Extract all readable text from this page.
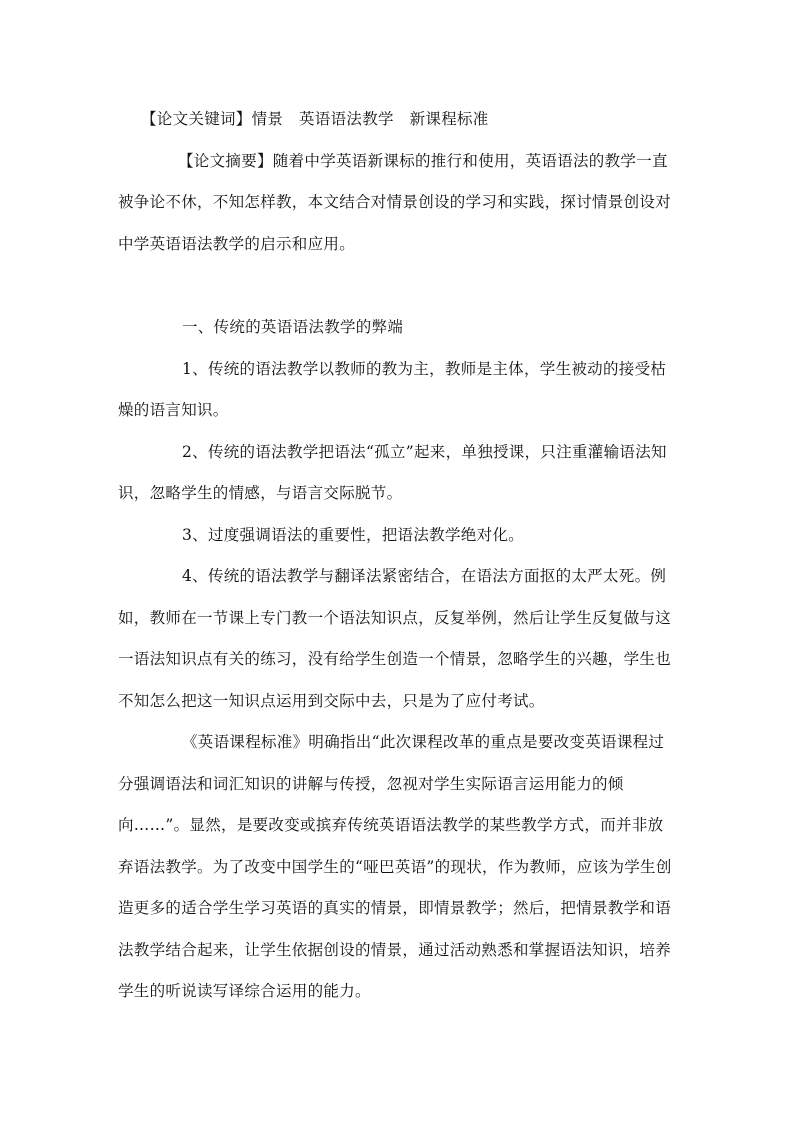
【论文关键词】情景　英语语法教学　新课程标准

【论文摘要】随着中学英语新课标的推行和使用，英语语法的教学一直

被争论不休，不知怎样教，本文结合对情景创设的学习和实践，探讨情景创设对

中学英语语法教学的启示和应用。

一、传统的英语语法教学的弊端

1、传统的语法教学以教师的教为主，教师是主体，学生被动的接受枯

燥的语言知识。

2、传统的语法教学把语法“孤立”起来，单独授课，只注重灌输语法知

识，忽略学生的情感，与语言交际脱节。

3、过度强调语法的重要性，把语法教学绝对化。

4、传统的语法教学与翻译法紧密结合，在语法方面抠的太严太死。例

如，教师在一节课上专门教一个语法知识点，反复举例，然后让学生反复做与这

一语法知识点有关的练习，没有给学生创造一个情景，忽略学生的兴趣，学生也

不知怎么把这一知识点运用到交际中去，只是为了应付考试。

《英语课程标准》明确指出“此次课程改革的重点是要改变英语课程过

分强调语法和词汇知识的讲解与传授，忽视对学生实际语言运用能力的倾

向……”。显然，是要改变或摈弃传统英语语法教学的某些教学方式，而并非放

弃语法教学。为了改变中国学生的“哑巴英语”的现状，作为教师，应该为学生创

造更多的适合学生学习英语的真实的情景，即情景教学；然后，把情景教学和语

法教学结合起来，让学生依据创设的情景，通过活动熟悉和掌握语法知识，培养

学生的听说读写译综合运用的能力。
